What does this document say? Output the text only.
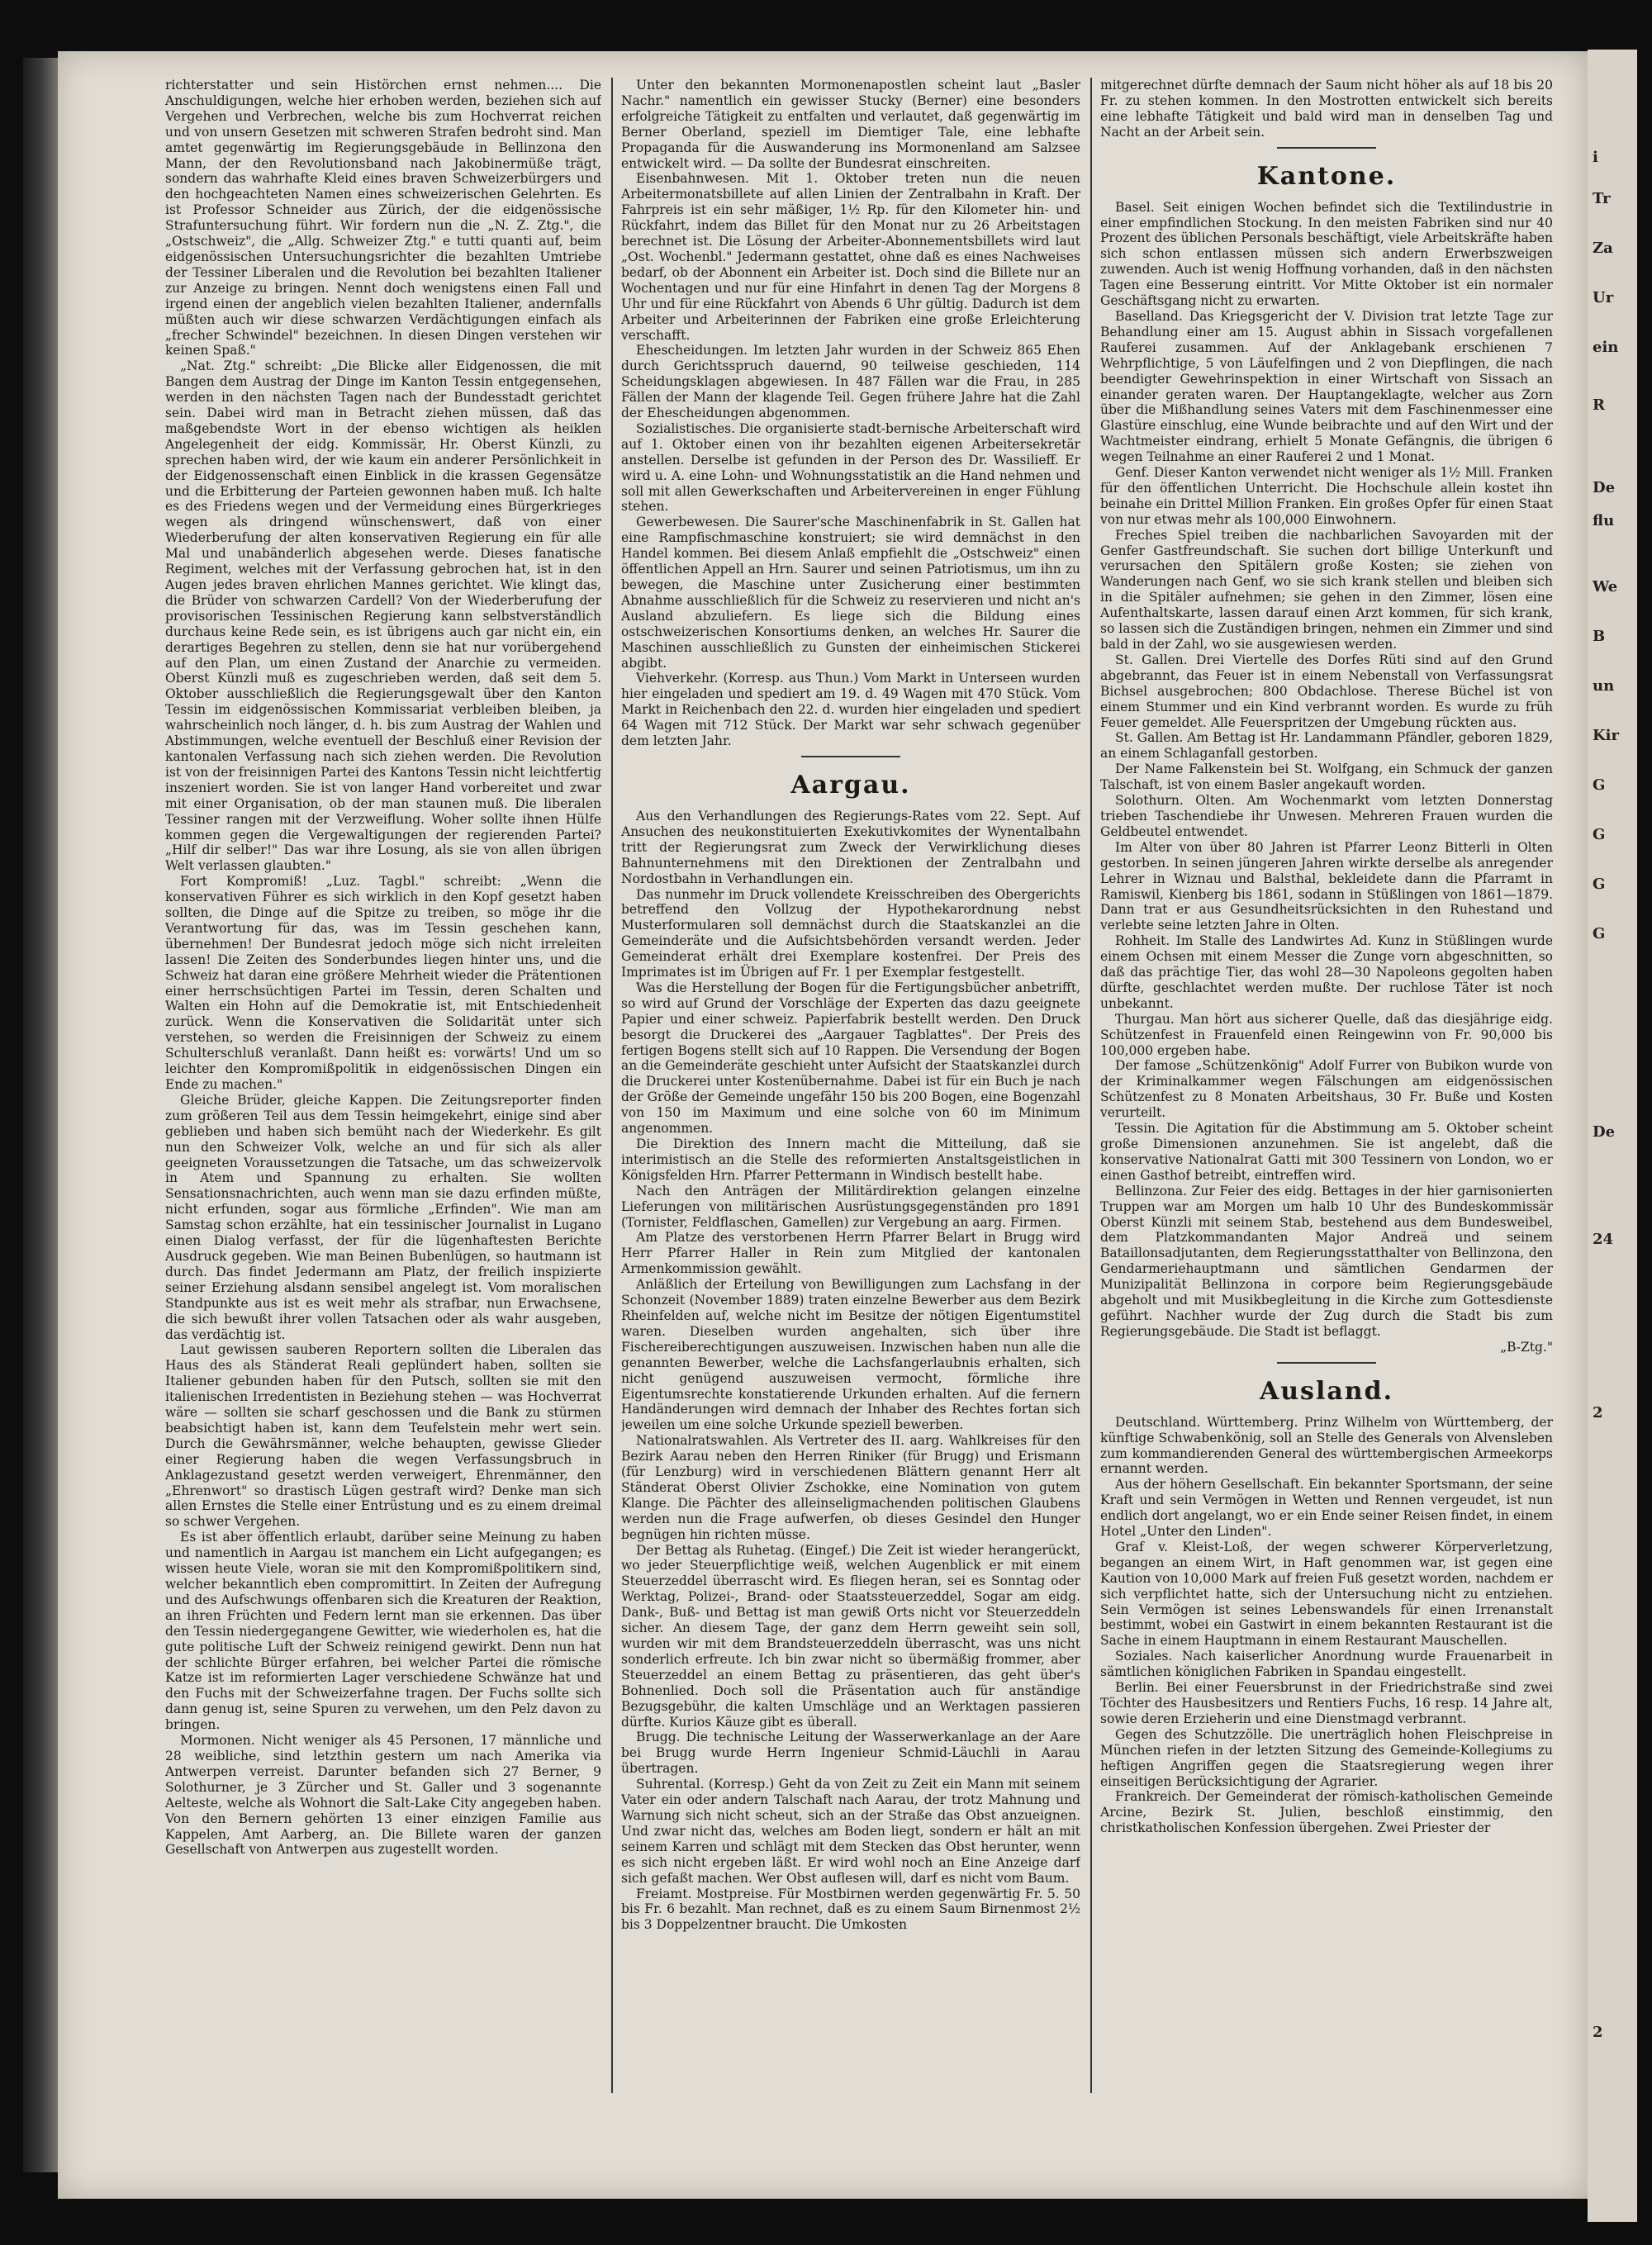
i
Tr
Za
Ur
ein
R
De
flu
We
B
un
Kir
G
G
G
G
De
24
2
2

richterstatter und sein Histörchen ernst nehmen.... Die Anschuldigungen, welche hier erhoben werden, beziehen sich auf Vergehen und Verbrechen, welche bis zum Hochverrat reichen und von unsern Gesetzen mit schweren Strafen bedroht sind. Man amtet gegenwärtig im Regierungsgebäude in Bellinzona den Mann, der den Revolutionsband nach Jakobinermüße trägt, sondern das wahrhafte Kleid eines braven Schweizerbürgers und den hochgeachteten Namen eines schweizerischen Gelehrten. Es ist Professor Schneider aus Zürich, der die eidgenössische Strafuntersuchung führt. Wir fordern nun die „N. Z. Ztg.", die „Ostschweiz", die „Allg. Schweizer Ztg." e tutti quanti auf, beim eidgenössischen Untersuchungsrichter die bezahlten Umtriebe der Tessiner Liberalen und die Revolution bei bezahlten Italiener zur Anzeige zu bringen. Nennt doch wenigstens einen Fall und irgend einen der angeblich vielen bezahlten Italiener, andernfalls müßten auch wir diese schwarzen Verdächtigungen einfach als „frecher Schwindel" bezeichnen. In diesen Dingen verstehen wir keinen Spaß."

„Nat. Ztg." schreibt: „Die Blicke aller Eidgenossen, die mit Bangen dem Austrag der Dinge im Kanton Tessin entgegensehen, werden in den nächsten Tagen nach der Bundesstadt gerichtet sein. Dabei wird man in Betracht ziehen müssen, daß das maßgebendste Wort in der ebenso wichtigen als heiklen Angelegenheit der eidg. Kommissär, Hr. Oberst Künzli, zu sprechen haben wird, der wie kaum ein anderer Persönlichkeit in der Eidgenossenschaft einen Einblick in die krassen Gegensätze und die Erbitterung der Parteien gewonnen haben muß. Ich halte es des Friedens wegen und der Vermeidung eines Bürgerkrieges wegen als dringend wünschenswert, daß von einer Wiederberufung der alten konservativen Regierung ein für alle Mal und unabänderlich abgesehen werde. Dieses fanatische Regiment, welches mit der Verfassung gebrochen hat, ist in den Augen jedes braven ehrlichen Mannes gerichtet. Wie klingt das, die Brüder von schwarzen Cardell? Von der Wiederberufung der provisorischen Tessinischen Regierung kann selbstverständlich durchaus keine Rede sein, es ist übrigens auch gar nicht ein, ein derartiges Begehren zu stellen, denn sie hat nur vorübergehend auf den Plan, um einen Zustand der Anarchie zu vermeiden. Oberst Künzli muß es zugeschrieben werden, daß seit dem 5. Oktober ausschließlich die Regierungsgewalt über den Kanton Tessin im eidgenössischen Kommissariat verbleiben bleiben, ja wahrscheinlich noch länger, d. h. bis zum Austrag der Wahlen und Abstimmungen, welche eventuell der Beschluß einer Revision der kantonalen Verfassung nach sich ziehen werden. Die Revolution ist von der freisinnigen Partei des Kantons Tessin nicht leichtfertig inszeniert worden. Sie ist von langer Hand vorbereitet und zwar mit einer Organisation, ob der man staunen muß. Die liberalen Tessiner rangen mit der Verzweiflung. Woher sollte ihnen Hülfe kommen gegen die Vergewaltigungen der regierenden Partei? „Hilf dir selber!" Das war ihre Losung, als sie von allen übrigen Welt verlassen glaubten."

Fort Kompromiß! „Luz. Tagbl." schreibt: „Wenn die konservativen Führer es sich wirklich in den Kopf gesetzt haben sollten, die Dinge auf die Spitze zu treiben, so möge ihr die Verantwortung für das, was im Tessin geschehen kann, übernehmen! Der Bundesrat jedoch möge sich nicht irreleiten lassen! Die Zeiten des Sonderbundes liegen hinter uns, und die Schweiz hat daran eine größere Mehrheit wieder die Prätentionen einer herrschsüchtigen Partei im Tessin, deren Schalten und Walten ein Hohn auf die Demokratie ist, mit Entschiedenheit zurück. Wenn die Konservativen die Solidarität unter sich verstehen, so werden die Freisinnigen der Schweiz zu einem Schulterschluß veranlaßt. Dann heißt es: vorwärts! Und um so leichter den Kompromißpolitik in eidgenössischen Dingen ein Ende zu machen."

Gleiche Brüder, gleiche Kappen. Die Zeitungsreporter finden zum größeren Teil aus dem Tessin heimgekehrt, einige sind aber geblieben und haben sich bemüht nach der Wiederkehr. Es gilt nun den Schweizer Volk, welche an und für sich als aller geeigneten Voraussetzungen die Tatsache, um das schweizervolk in Atem und Spannung zu erhalten. Sie wollten Sensationsnachrichten, auch wenn man sie dazu erfinden müßte, nicht erfunden, sogar aus förmliche „Erfinden". Wie man am Samstag schon erzählte, hat ein tessinischer Journalist in Lugano einen Dialog verfasst, der für die lügenhaftesten Berichte Ausdruck gegeben. Wie man Beinen Bubenlügen, so hautmann ist durch. Das findet Jedermann am Platz, der freilich inspizierte seiner Erziehung alsdann sensibel angelegt ist. Vom moralischen Standpunkte aus ist es weit mehr als strafbar, nun Erwachsene, die sich bewußt ihrer vollen Tatsachen oder als wahr ausgeben, das verdächtig ist.

Laut gewissen sauberen Reportern sollten die Liberalen das Haus des als Ständerat Reali geplündert haben, sollten sie Italiener gebunden haben für den Putsch, sollten sie mit den italienischen Irredentisten in Beziehung stehen — was Hochverrat wäre — sollten sie scharf geschossen und die Bank zu stürmen beabsichtigt haben ist, kann dem Teufelstein mehr wert sein. Durch die Gewährsmänner, welche behaupten, gewisse Glieder einer Regierung haben die wegen Verfassungsbruch in Anklagezustand gesetzt werden verweigert, Ehrenmänner, den „Ehrenwort" so drastisch Lügen gestraft wird? Denke man sich allen Ernstes die Stelle einer Entrüstung und es zu einem dreimal so schwer Vergehen.

Es ist aber öffentlich erlaubt, darüber seine Meinung zu haben und namentlich in Aargau ist manchem ein Licht aufgegangen; es wissen heute Viele, woran sie mit den Kompromißpolitikern sind, welcher bekanntlich eben compromittirt. In Zeiten der Aufregung und des Aufschwungs offenbaren sich die Kreaturen der Reaktion, an ihren Früchten und Federn lernt man sie erkennen. Das über den Tessin niedergegangene Gewitter, wie wiederholen es, hat die gute politische Luft der Schweiz reinigend gewirkt. Denn nun hat der schlichte Bürger erfahren, bei welcher Partei die römische Katze ist im reformierten Lager verschiedene Schwänze hat und den Fuchs mit der Schweizerfahne tragen. Der Fuchs sollte sich dann genug ist, seine Spuren zu verwehen, um den Pelz davon zu bringen.

Mormonen. Nicht weniger als 45 Personen, 17 männliche und 28 weibliche, sind letzthin gestern um nach Amerika via Antwerpen verreist. Darunter befanden sich 27 Berner, 9 Solothurner, je 3 Zürcher und St. Galler und 3 sogenannte Aelteste, welche als Wohnort die Salt-Lake City angegeben haben. Von den Bernern gehörten 13 einer einzigen Familie aus Kappelen, Amt Aarberg, an. Die Billete waren der ganzen Gesellschaft von Antwerpen aus zugestellt worden.

Unter den bekannten Mormonenapostlen scheint laut „Basler Nachr." namentlich ein gewisser Stucky (Berner) eine besonders erfolgreiche Tätigkeit zu entfalten und verlautet, daß gegenwärtig im Berner Oberland, speziell im Diemtiger Tale, eine lebhafte Propaganda für die Auswanderung ins Mormonenland am Salzsee entwickelt wird. — Da sollte der Bundesrat einschreiten.

Eisenbahnwesen. Mit 1. Oktober treten nun die neuen Arbeitermonatsbillete auf allen Linien der Zentralbahn in Kraft. Der Fahrpreis ist ein sehr mäßiger, 1½ Rp. für den Kilometer hin- und Rückfahrt, indem das Billet für den Monat nur zu 26 Arbeitstagen berechnet ist. Die Lösung der Arbeiter-Abonnementsbillets wird laut „Ost. Wochenbl." Jedermann gestattet, ohne daß es eines Nachweises bedarf, ob der Abonnent ein Arbeiter ist. Doch sind die Billete nur an Wochentagen und nur für eine Hinfahrt in denen Tag der Morgens 8 Uhr und für eine Rückfahrt von Abends 6 Uhr gültig. Dadurch ist dem Arbeiter und Arbeiterinnen der Fabriken eine große Erleichterung verschafft.

Ehescheidungen. Im letzten Jahr wurden in der Schweiz 865 Ehen durch Gerichtsspruch dauernd, 90 teilweise geschieden, 114 Scheidungsklagen abgewiesen. In 487 Fällen war die Frau, in 285 Fällen der Mann der klagende Teil. Gegen frühere Jahre hat die Zahl der Ehescheidungen abgenommen.

Sozialistisches. Die organisierte stadt-bernische Arbeiterschaft wird auf 1. Oktober einen von ihr bezahlten eigenen Arbeitersekretär anstellen. Derselbe ist gefunden in der Person des Dr. Wassilieff. Er wird u. A. eine Lohn- und Wohnungsstatistik an die Hand nehmen und soll mit allen Gewerkschaften und Arbeitervereinen in enger Fühlung stehen.

Gewerbewesen. Die Saurer'sche Maschinenfabrik in St. Gallen hat eine Rampfischmaschine konstruiert; sie wird demnächst in den Handel kommen. Bei diesem Anlaß empfiehlt die „Ostschweiz" einen öffentlichen Appell an Hrn. Saurer und seinen Patriotismus, um ihn zu bewegen, die Maschine unter Zusicherung einer bestimmten Abnahme ausschließlich für die Schweiz zu reservieren und nicht an's Ausland abzuliefern. Es liege sich die Bildung eines ostschweizerischen Konsortiums denken, an welches Hr. Saurer die Maschinen ausschließlich zu Gunsten der einheimischen Stickerei abgibt.

Viehverkehr. (Korresp. aus Thun.) Vom Markt in Unterseen wurden hier eingeladen und spediert am 19. d. 49 Wagen mit 470 Stück. Vom Markt in Reichenbach den 22. d. wurden hier eingeladen und spediert 64 Wagen mit 712 Stück. Der Markt war sehr schwach gegenüber dem letzten Jahr.

Aargau.

Aus den Verhandlungen des Regierungs-Rates vom 22. Sept. Auf Ansuchen des neukonstituierten Exekutivkomites der Wynentalbahn tritt der Regierungsrat zum Zweck der Verwirklichung dieses Bahnunternehmens mit den Direktionen der Zentralbahn und Nordostbahn in Verhandlungen ein.

Das nunmehr im Druck vollendete Kreisschreiben des Obergerichts betreffend den Vollzug der Hypothekarordnung nebst Musterformularen soll demnächst durch die Staatskanzlei an die Gemeinderäte und die Aufsichtsbehörden versandt werden. Jeder Gemeinderat erhält drei Exemplare kostenfrei. Der Preis des Imprimates ist im Übrigen auf Fr. 1 per Exemplar festgestellt.

Was die Herstellung der Bogen für die Fertigungsbücher anbetrifft, so wird auf Grund der Vorschläge der Experten das dazu geeignete Papier und einer schweiz. Papierfabrik bestellt werden. Den Druck besorgt die Druckerei des „Aargauer Tagblattes". Der Preis des fertigen Bogens stellt sich auf 10 Rappen. Die Versendung der Bogen an die Gemeinderäte geschieht unter Aufsicht der Staatskanzlei durch die Druckerei unter Kostenübernahme. Dabei ist für ein Buch je nach der Größe der Gemeinde ungefähr 150 bis 200 Bogen, eine Bogenzahl von 150 im Maximum und eine solche von 60 im Minimum angenommen.

Die Direktion des Innern macht die Mitteilung, daß sie interimistisch an die Stelle des reformierten Anstaltsgeistlichen in Königsfelden Hrn. Pfarrer Pettermann in Windisch bestellt habe.

Nach den Anträgen der Militärdirektion gelangen einzelne Lieferungen von militärischen Ausrüstungsgegenständen pro 1891 (Tornister, Feldflaschen, Gamellen) zur Vergebung an aarg. Firmen.

Am Platze des verstorbenen Herrn Pfarrer Belart in Brugg wird Herr Pfarrer Haller in Rein zum Mitglied der kantonalen Armenkommission gewählt.

Anläßlich der Erteilung von Bewilligungen zum Lachsfang in der Schonzeit (November 1889) traten einzelne Bewerber aus dem Bezirk Rheinfelden auf, welche nicht im Besitze der nötigen Eigentumstitel waren. Dieselben wurden angehalten, sich über ihre Fischereiberechtigungen auszuweisen. Inzwischen haben nun alle die genannten Bewerber, welche die Lachsfangerlaubnis erhalten, sich nicht genügend auszuweisen vermocht, förmliche ihre Eigentumsrechte konstatierende Urkunden erhalten. Auf die fernern Handänderungen wird demnach der Inhaber des Rechtes fortan sich jeweilen um eine solche Urkunde speziell bewerben.

Nationalratswahlen. Als Vertreter des II. aarg. Wahlkreises für den Bezirk Aarau neben den Herren Riniker (für Brugg) und Erismann (für Lenzburg) wird in verschiedenen Blättern genannt Herr alt Ständerat Oberst Olivier Zschokke, eine Nomination von gutem Klange. Die Pächter des alleinseligmachenden politischen Glaubens werden nun die Frage aufwerfen, ob dieses Gesindel den Hunger begnügen hin richten müsse.

Der Bettag als Ruhetag. (Eingef.) Die Zeit ist wieder herangerückt, wo jeder Steuerpflichtige weiß, welchen Augenblick er mit einem Steuerzeddel überrascht wird. Es fliegen heran, sei es Sonntag oder Werktag, Polizei-, Brand- oder Staatssteuerzeddel, Sogar am eidg. Dank-, Buß- und Bettag ist man gewiß Orts nicht vor Steuerzeddeln sicher. An diesem Tage, der ganz dem Herrn geweiht sein soll, wurden wir mit dem Brandsteuerzeddeln überrascht, was uns nicht sonderlich erfreute. Ich bin zwar nicht so übermäßig frommer, aber Steuerzeddel an einem Bettag zu präsentieren, das geht über's Bohnenlied. Doch soll die Präsentation auch für anständige Bezugsgebühr, die kalten Umschläge und an Werktagen passieren dürfte. Kurios Käuze gibt es überall.

Brugg. Die technische Leitung der Wasserwerkanlage an der Aare bei Brugg wurde Herrn Ingenieur Schmid-Läuchli in Aarau übertragen.

Suhrental. (Korresp.) Geht da von Zeit zu Zeit ein Mann mit seinem Vater ein oder andern Talschaft nach Aarau, der trotz Mahnung und Warnung sich nicht scheut, sich an der Straße das Obst anzueignen. Und zwar nicht das, welches am Boden liegt, sondern er hält an mit seinem Karren und schlägt mit dem Stecken das Obst herunter, wenn es sich nicht ergeben läßt. Er wird wohl noch an Eine Anzeige darf sich gefaßt machen. Wer Obst auflesen will, darf es nicht vom Baum.

Freiamt. Mostpreise. Für Mostbirnen werden gegenwärtig Fr. 5. 50 bis Fr. 6 bezahlt. Man rechnet, daß es zu einem Saum Birnenmost 2½ bis 3 Doppelzentner braucht. Die Umkosten

mitgerechnet dürfte demnach der Saum nicht höher als auf 18 bis 20 Fr. zu stehen kommen. In den Mostrotten entwickelt sich bereits eine lebhafte Tätigkeit und bald wird man in denselben Tag und Nacht an der Arbeit sein.

Kantone.

Basel. Seit einigen Wochen befindet sich die Textilindustrie in einer empfindlichen Stockung. In den meisten Fabriken sind nur 40 Prozent des üblichen Personals beschäftigt, viele Arbeitskräfte haben sich schon entlassen müssen sich andern Erwerbszweigen zuwenden. Auch ist wenig Hoffnung vorhanden, daß in den nächsten Tagen eine Besserung eintritt. Vor Mitte Oktober ist ein normaler Geschäftsgang nicht zu erwarten.

Baselland. Das Kriegsgericht der V. Division trat letzte Tage zur Behandlung einer am 15. August abhin in Sissach vorgefallenen Rauferei zusammen. Auf der Anklagebank erschienen 7 Wehrpflichtige, 5 von Läufelfingen und 2 von Diepflingen, die nach beendigter Gewehrinspektion in einer Wirtschaft von Sissach an einander geraten waren. Der Hauptangeklagte, welcher aus Zorn über die Mißhandlung seines Vaters mit dem Faschinenmesser eine Glastüre einschlug, eine Wunde beibrachte und auf den Wirt und der Wachtmeister eindrang, erhielt 5 Monate Gefängnis, die übrigen 6 wegen Teilnahme an einer Rauferei 2 und 1 Monat.

Genf. Dieser Kanton verwendet nicht weniger als 1½ Mill. Franken für den öffentlichen Unterricht. Die Hochschule allein kostet ihn beinahe ein Drittel Million Franken. Ein großes Opfer für einen Staat von nur etwas mehr als 100,000 Einwohnern.

Freches Spiel treiben die nachbarlichen Savoyarden mit der Genfer Gastfreundschaft. Sie suchen dort billige Unterkunft und verursachen den Spitälern große Kosten; sie ziehen von Wanderungen nach Genf, wo sie sich krank stellen und bleiben sich in die Spitäler aufnehmen; sie gehen in den Zimmer, lösen eine Aufenthaltskarte, lassen darauf einen Arzt kommen, für sich krank, so lassen sich die Zuständigen bringen, nehmen ein Zimmer und sind bald in der Zahl, wo sie ausgewiesen werden.

St. Gallen. Drei Viertelle des Dorfes Rüti sind auf den Grund abgebrannt, das Feuer ist in einem Nebenstall von Verfassungsrat Bichsel ausgebrochen; 800 Obdachlose. Therese Büchel ist von einem Stummer und ein Kind verbrannt worden. Es wurde zu früh Feuer gemeldet. Alle Feuerspritzen der Umgebung rückten aus.

St. Gallen. Am Bettag ist Hr. Landammann Pfändler, geboren 1829, an einem Schlaganfall gestorben.

Der Name Falkenstein bei St. Wolfgang, ein Schmuck der ganzen Talschaft, ist von einem Basler angekauft worden.

Solothurn. Olten. Am Wochenmarkt vom letzten Donnerstag trieben Taschendiebe ihr Unwesen. Mehreren Frauen wurden die Geldbeutel entwendet.

Im Alter von über 80 Jahren ist Pfarrer Leonz Bitterli in Olten gestorben. In seinen jüngeren Jahren wirkte derselbe als anregender Lehrer in Wiznau und Balsthal, bekleidete dann die Pfarramt in Ramiswil, Kienberg bis 1861, sodann in Stüßlingen von 1861—1879. Dann trat er aus Gesundheitsrücksichten in den Ruhestand und verlebte seine letzten Jahre in Olten.

Rohheit. Im Stalle des Landwirtes Ad. Kunz in Stüßlingen wurde einem Ochsen mit einem Messer die Zunge vorn abgeschnitten, so daß das prächtige Tier, das wohl 28—30 Napoleons gegolten haben dürfte, geschlachtet werden mußte. Der ruchlose Täter ist noch unbekannt.

Thurgau. Man hört aus sicherer Quelle, daß das diesjährige eidg. Schützenfest in Frauenfeld einen Reingewinn von Fr. 90,000 bis 100,000 ergeben habe.

Der famose „Schützenkönig" Adolf Furrer von Bubikon wurde von der Kriminalkammer wegen Fälschungen am eidgenössischen Schützenfest zu 8 Monaten Arbeitshaus, 30 Fr. Buße und Kosten verurteilt.

Tessin. Die Agitation für die Abstimmung am 5. Oktober scheint große Dimensionen anzunehmen. Sie ist angelebt, daß die konservative Nationalrat Gatti mit 300 Tessinern von London, wo er einen Gasthof betreibt, eintreffen wird.

Bellinzona. Zur Feier des eidg. Bettages in der hier garnisonierten Truppen war am Morgen um halb 10 Uhr des Bundeskommissär Oberst Künzli mit seinem Stab, bestehend aus dem Bundesweibel, dem Platzkommandanten Major Andreä und seinem Bataillonsadjutanten, dem Regierungsstatthalter von Bellinzona, den Gendarmeriehauptmann und sämtlichen Gendarmen der Munizipalität Bellinzona in corpore beim Regierungsgebäude abgeholt und mit Musikbegleitung in die Kirche zum Gottesdienste geführt. Nachher wurde der Zug durch die Stadt bis zum Regierungsgebäude. Die Stadt ist beflaggt.

„B-Ztg."

Ausland.

Deutschland. Württemberg. Prinz Wilhelm von Württemberg, der künftige Schwabenkönig, soll an Stelle des Generals von Alvensleben zum kommandierenden General des württembergischen Armeekorps ernannt werden.

Aus der höhern Gesellschaft. Ein bekannter Sportsmann, der seine Kraft und sein Vermögen in Wetten und Rennen vergeudet, ist nun endlich dort angelangt, wo er ein Ende seiner Reisen findet, in einem Hotel „Unter den Linden".

Graf v. Kleist-Loß, der wegen schwerer Körperverletzung, begangen an einem Wirt, in Haft genommen war, ist gegen eine Kaution von 10,000 Mark auf freien Fuß gesetzt worden, nachdem er sich verpflichtet hatte, sich der Untersuchung nicht zu entziehen. Sein Vermögen ist seines Lebenswandels für einen Irrenanstalt bestimmt, wobei ein Gastwirt in einem bekannten Restaurant ist die Sache in einem Hauptmann in einem Restaurant Mauschellen.

Soziales. Nach kaiserlicher Anordnung wurde Frauenarbeit in sämtlichen königlichen Fabriken in Spandau eingestellt.

Berlin. Bei einer Feuersbrunst in der Friedrichstraße sind zwei Töchter des Hausbesitzers und Rentiers Fuchs, 16 resp. 14 Jahre alt, sowie deren Erzieherin und eine Dienstmagd verbrannt.

Gegen des Schutzzölle. Die unerträglich hohen Fleischpreise in München riefen in der letzten Sitzung des Gemeinde-Kollegiums zu heftigen Angriffen gegen die Staatsregierung wegen ihrer einseitigen Berücksichtigung der Agrarier.

Frankreich. Der Gemeinderat der römisch-katholischen Gemeinde Arcine, Bezirk St. Julien, beschloß einstimmig, den christkatholischen Konfession übergehen. Zwei Priester der
